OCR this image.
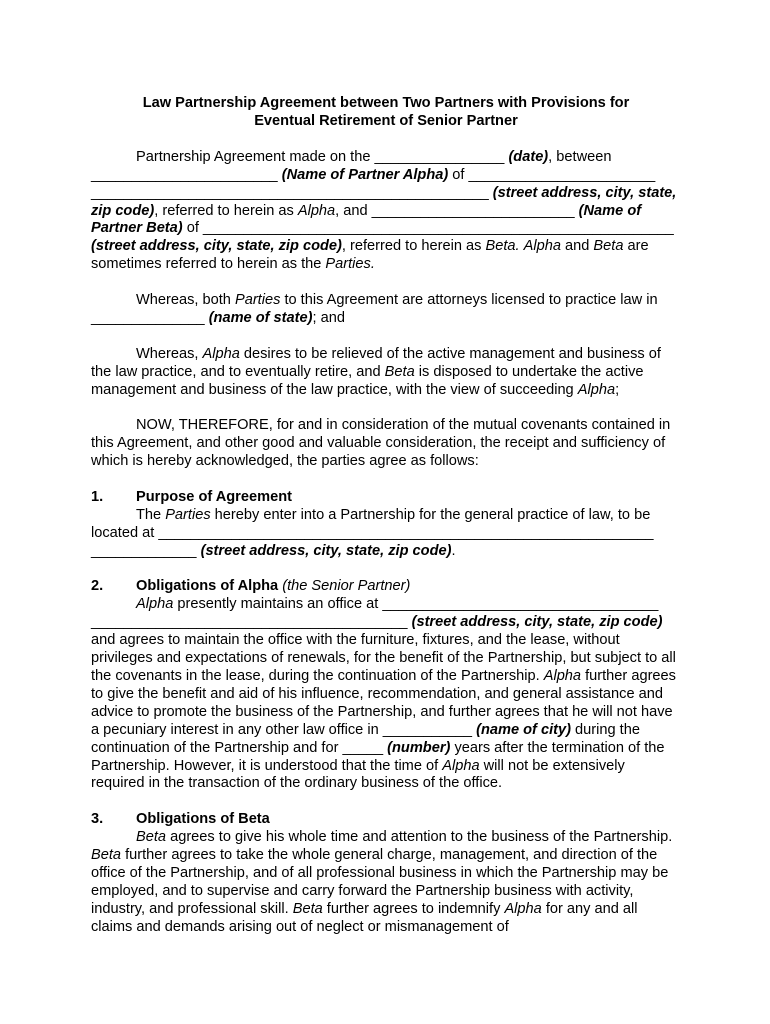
Law Partnership Agreement between Two Partners with Provisions for
Eventual Retirement of Senior Partner

Partnership Agreement made on the ________________ (date), between _______________________ (Name of Partner Alpha) of _______________________ _________________________________________________ (street address, city, state, zip code), referred to herein as Alpha, and _________________________ (Name of Partner Beta) of __________________________________________________________ (street address, city, state, zip code), referred to herein as Beta. Alpha and Beta are sometimes referred to herein as the Parties.

Whereas, both Parties to this Agreement are attorneys licensed to practice law in ______________ (name of state); and

Whereas, Alpha desires to be relieved of the active management and business of the law practice, and to eventually retire, and Beta is disposed to undertake the active management and business of the law practice, with the view of succeeding Alpha;

NOW, THEREFORE, for and in consideration of the mutual covenants contained in this Agreement, and other good and valuable consideration, the receipt and sufficiency of which is hereby acknowledged, the parties agree as follows:

1. Purpose of Agreement

The Parties hereby enter into a Partnership for the general practice of law, to be located at _____________________________________________________________ _____________ (street address, city, state, zip code).

2. Obligations of Alpha (the Senior Partner)

Alpha presently maintains an office at __________________________________ _______________________________________ (street address, city, state, zip code) and agrees to maintain the office with the furniture, fixtures, and the lease, without privileges and expectations of renewals, for the benefit of the Partnership, but subject to all the covenants in the lease, during the continuation of the Partnership. Alpha further agrees to give the benefit and aid of his influence, recommendation, and general assistance and advice to promote the business of the Partnership, and further agrees that he will not have a pecuniary interest in any other law office in ___________ (name of city) during the continuation of the Partnership and for _____ (number) years after the termination of the Partnership. However, it is understood that the time of Alpha will not be extensively required in the transaction of the ordinary business of the office.

3. Obligations of Beta

Beta agrees to give his whole time and attention to the business of the Partnership. Beta further agrees to take the whole general charge, management, and direction of the office of the Partnership, and of all professional business in which the Partnership may be employed, and to supervise and carry forward the Partnership business with activity, industry, and professional skill. Beta further agrees to indemnify Alpha for any and all claims and demands arising out of neglect or mismanagement of
